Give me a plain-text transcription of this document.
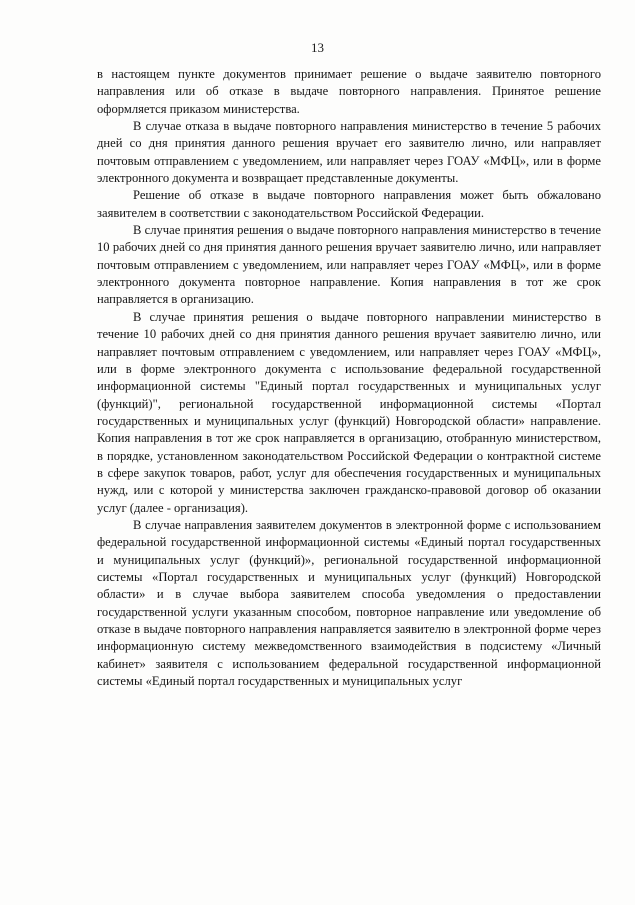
13

в настоящем пункте документов принимает решение о выдаче заявителю повторного направления или об отказе в выдаче повторного направления. Принятое решение оформляется приказом министерства.

В случае отказа в выдаче повторного направления министерство в течение 5 рабочих дней со дня принятия данного решения вручает его заявителю лично, или направляет почтовым отправлением с уведомлением, или направляет через ГОАУ «МФЦ», или в форме электронного документа и возвращает представленные документы.

Решение об отказе в выдаче повторного направления может быть обжаловано заявителем в соответствии с законодательством Российской Федерации.

В случае принятия решения о выдаче повторного направления министерство в течение 10 рабочих дней со дня принятия данного решения вручает заявителю лично, или направляет почтовым отправлением с уведомлением, или направляет через ГОАУ «МФЦ», или в форме электронного документа повторное направление. Копия направления в тот же срок направляется в организацию.

В случае принятия решения о выдаче повторного направлении министерство в течение 10 рабочих дней со дня принятия данного решения вручает заявителю лично, или направляет почтовым отправлением с уведомлением, или направляет через ГОАУ «МФЦ», или в форме электронного документа с использование федеральной государственной информационной системы "Единый портал государственных и муниципальных услуг (функций)", региональной государственной информационной системы «Портал государственных и муниципальных услуг (функций) Новгородской области» направление. Копия направления в тот же срок направляется в организацию, отобранную министерством, в порядке, установленном законодательством Российской Федерации о контрактной системе в сфере закупок товаров, работ, услуг для обеспечения государственных и муниципальных нужд, или с которой у министерства заключен гражданско-правовой договор об оказании услуг (далее - организация).

В случае направления заявителем документов в электронной форме с использованием федеральной государственной информационной системы «Единый портал государственных и муниципальных услуг (функций)», региональной государственной информационной системы «Портал государственных и муниципальных услуг (функций) Новгородской области» и в случае выбора заявителем способа уведомления о предоставлении государственной услуги указанным способом, повторное направление или уведомление об отказе в выдаче повторного направления направляется заявителю в электронной форме через информационную систему межведомственного взаимодействия в подсистему «Личный кабинет» заявителя с использованием федеральной государственной информационной системы «Единый портал государственных и муниципальных услуг
